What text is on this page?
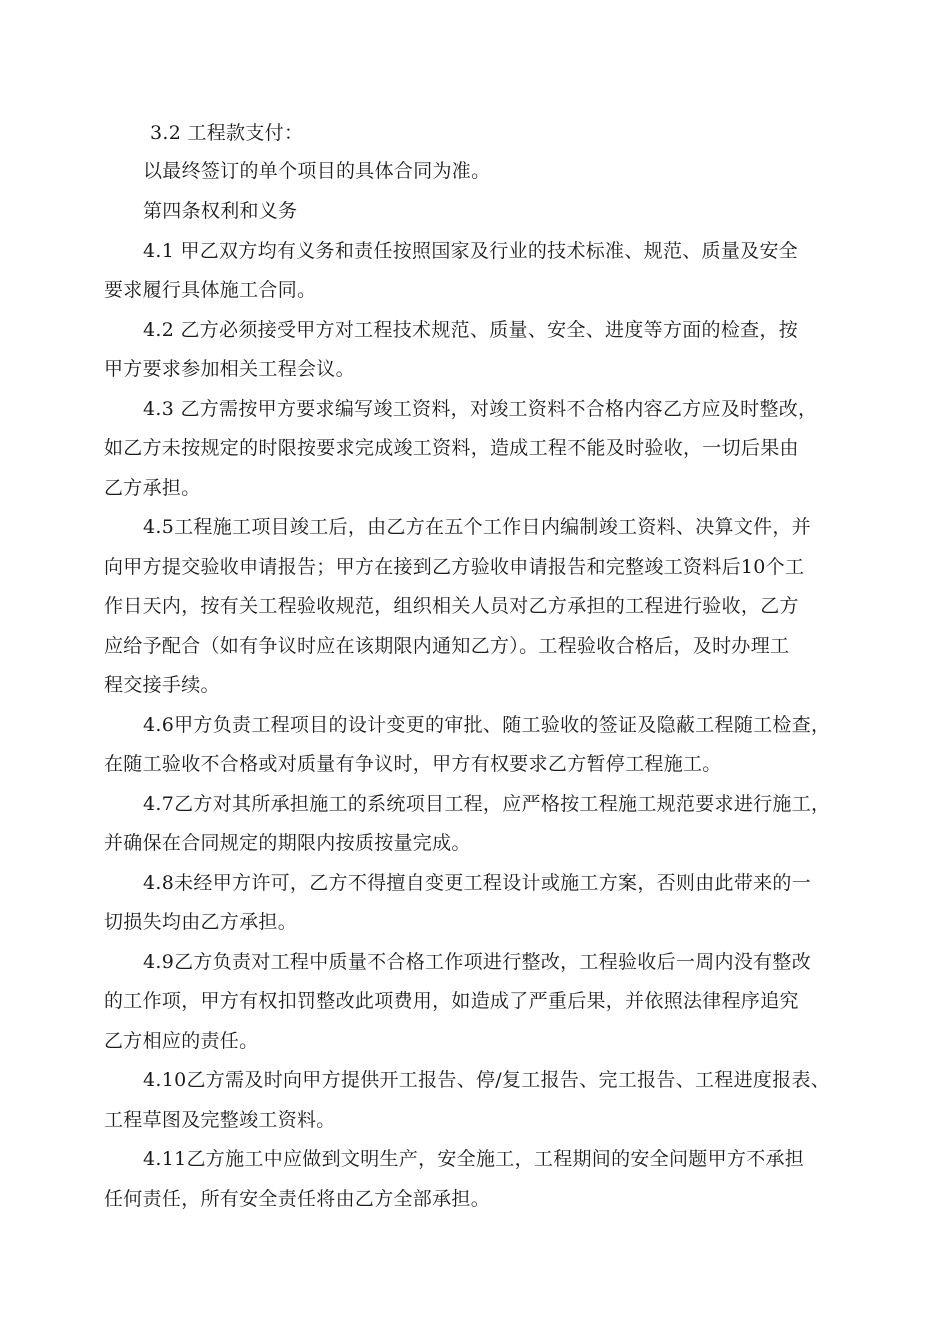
3.2 工程款支付：
以最终签订的单个项目的具体合同为准。
第四条权利和义务
4.1 甲乙双方均有义务和责任按照国家及行业的技术标准、规范、质量及安全
要求履行具体施工合同。
4.2 乙方必须接受甲方对工程技术规范、质量、安全、进度等方面的检查，按
甲方要求参加相关工程会议。
4.3 乙方需按甲方要求编写竣工资料，对竣工资料不合格内容乙方应及时整改，
如乙方未按规定的时限按要求完成竣工资料，造成工程不能及时验收，一切后果由
乙方承担。
4.5工程施工项目竣工后，由乙方在五个工作日内编制竣工资料、决算文件，并
向甲方提交验收申请报告；甲方在接到乙方验收申请报告和完整竣工资料后10个工
作日天内，按有关工程验收规范，组织相关人员对乙方承担的工程进行验收，乙方
应给予配合（如有争议时应在该期限内通知乙方）。工程验收合格后，及时办理工
程交接手续。
4.6甲方负责工程项目的设计变更的审批、随工验收的签证及隐蔽工程随工检查，
在随工验收不合格或对质量有争议时，甲方有权要求乙方暂停工程施工。
4.7乙方对其所承担施工的系统项目工程，应严格按工程施工规范要求进行施工，
并确保在合同规定的期限内按质按量完成。
4.8未经甲方许可，乙方不得擅自变更工程设计或施工方案，否则由此带来的一
切损失均由乙方承担。
4.9乙方负责对工程中质量不合格工作项进行整改，工程验收后一周内没有整改
的工作项，甲方有权扣罚整改此项费用，如造成了严重后果，并依照法律程序追究
乙方相应的责任。
4.10乙方需及时向甲方提供开工报告、停/复工报告、完工报告、工程进度报表、
工程草图及完整竣工资料。
4.11乙方施工中应做到文明生产，安全施工，工程期间的安全问题甲方不承担
任何责任，所有安全责任将由乙方全部承担。
